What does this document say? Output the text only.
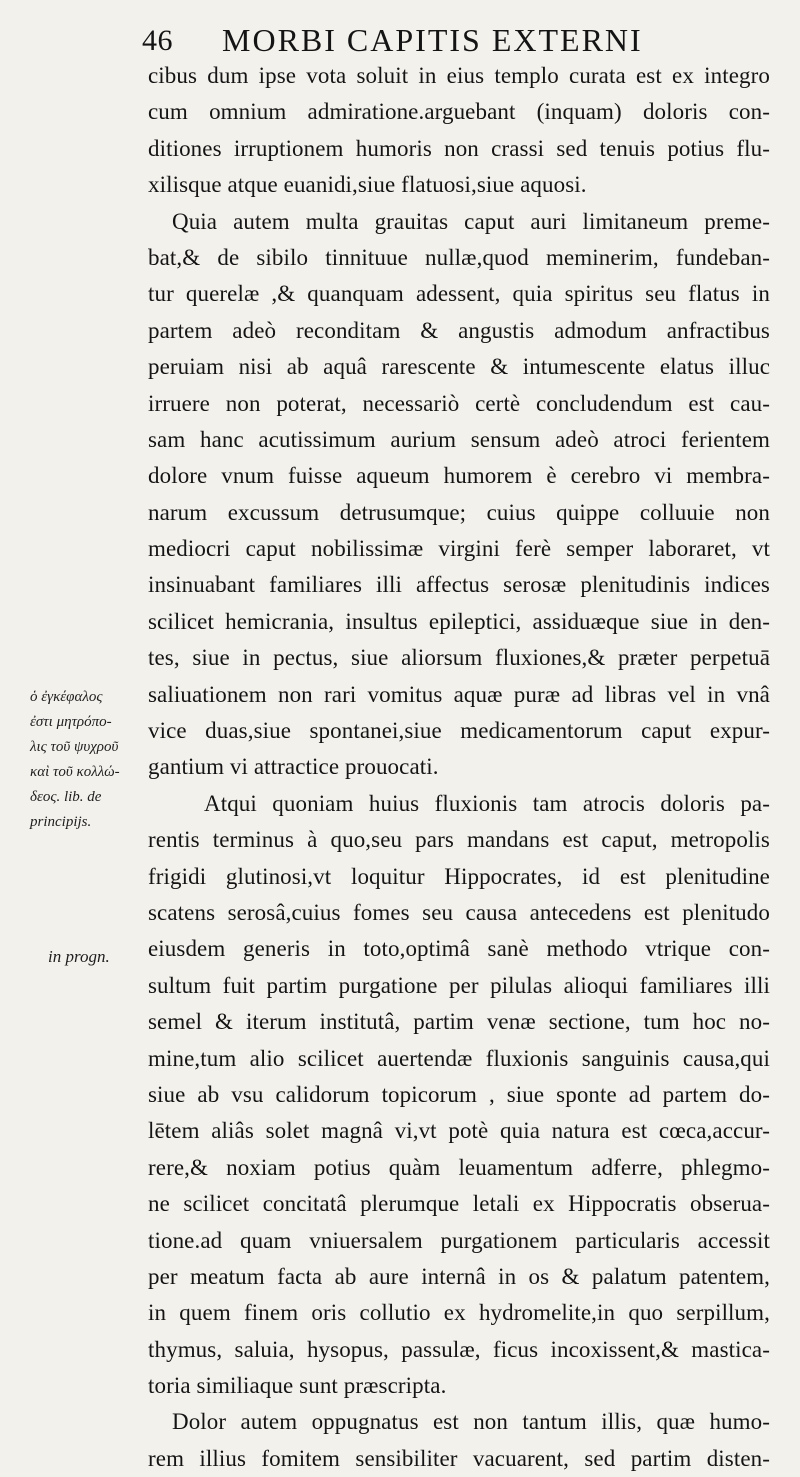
46 MORBI CAPITIS EXTERNI
cibus dum ipse vota soluit in eius templo curata est ex integro
cum omnium admiratione.arguebant (inquam) doloris con-
ditiones irruptionem humoris non crassi sed tenuis potius flu-
xilisque atque euanidi,siue flatuosi,siue aquosi.
Quia autem multa grauitas caput auri limitaneum preme-
bat,& de sibilo tinnituue nullæ,quod meminerim, fundeban-
tur querelæ ,& quanquam adessent, quia spiritus seu flatus in
partem adeò reconditam & angustis admodum anfractibus
peruiam nisi ab aquâ rarescente & intumescente elatus illuc
irruere non poterat, necessariò certè concludendum est cau-
sam hanc acutissimum aurium sensum adeò atroci ferientem
dolore vnum fuisse aqueum humorem è cerebro vi membra-
narum excussum detrusumque; cuius quippe colluuie non
mediocri caput nobilissimæ virgini ferè semper laboraret, vt
insinuabant familiares illi affectus serosæ plenitudinis indices
scilicet hemicrania, insultus epileptici, assiduæque siue in den-
tes, siue in pectus, siue aliorsum fluxiones,& præter perpetuā
saliuationem non rari vomitus aquæ puræ ad libras vel in vnâ
vice duas,siue spontanei,siue medicamentorum caput expur-
gantium vi attractice prouocati.
Atqui quoniam huius fluxionis tam atrocis doloris pa-
rentis terminus à quo,seu pars mandans est caput, metropolis
frigidi glutinosi,vt loquitur Hippocrates, id est plenitudine
scatens serosâ,cuius fomes seu causa antecedens est plenitudo
eiusdem generis in toto,optimâ sanè methodo vtrique con-
sultum fuit partim purgatione per pilulas alioqui familiares illi
semel & iterum institutâ, partim venæ sectione, tum hoc no-
mine,tum alio scilicet auertendæ fluxionis sanguinis causa,qui
siue ab vsu calidorum topicorum , siue sponte ad partem do-
lētem aliâs solet magnâ vi,vt potè quia natura est cœca,accur-
rere,& noxiam potius quàm leuamentum adferre, phlegmo-
ne scilicet concitatâ plerumque letali ex Hippocratis obserua-
tione.ad quam vniuersalem purgationem particularis accessit
per meatum facta ab aure internâ in os & palatum patentem,
in quem finem oris collutio ex hydromelite,in quo serpillum,
thymus, saluia, hysopus, passulæ, ficus incoxissent,& mastica-
toria similiaque sunt præscripta.
Dolor autem oppugnatus est non tantum illis, quæ humo-
rem illius fomitem sensibiliter vacuarent, sed partim disten-
ὁ ἐγκέφαλος
ἐστι μητρόπο-
λις τοῦ ψυχροῦ
καὶ τοῦ κολλώ-
δεος. lib. de
principijs.
in progn.
